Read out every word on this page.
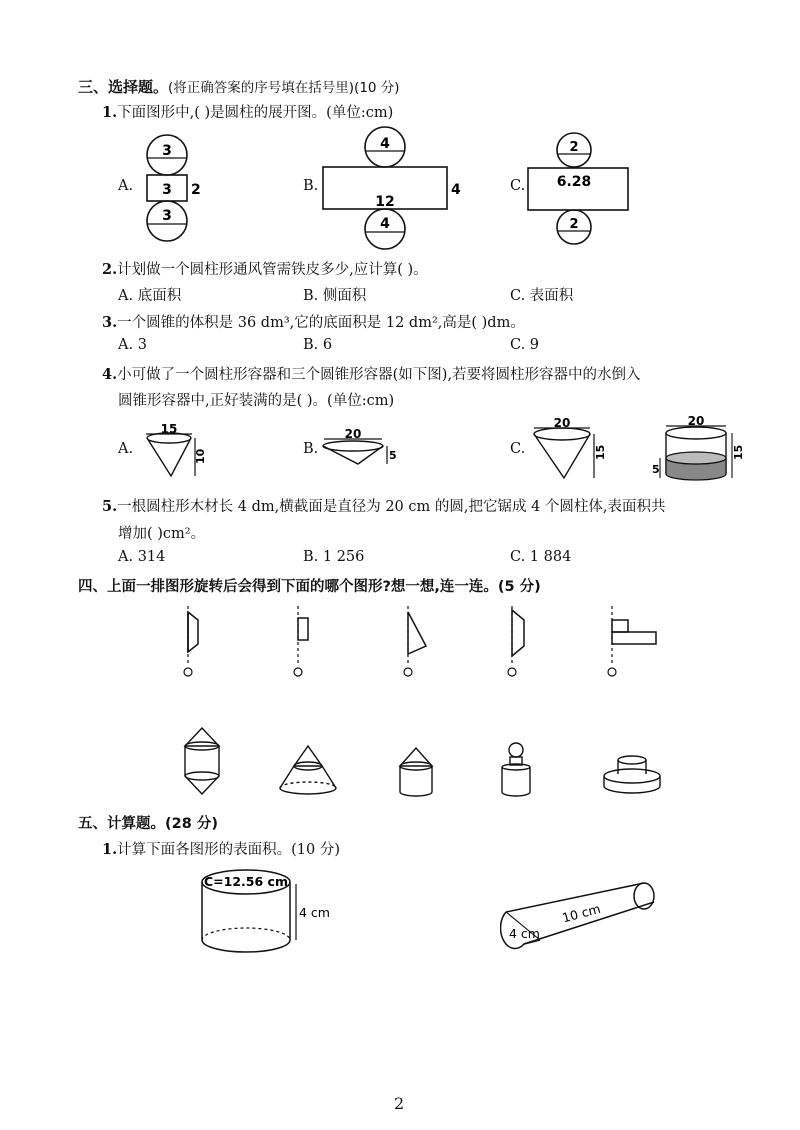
三、选择题。(将正确答案的序号填在括号里)(10 分)
1.下面图形中,( )是圆柱的展开图。(单位:cm)
A.
3
3 2
3
B.
4
12
4
4
C.
2
6.28
2
2.计划做一个圆柱形通风管需铁皮多少,应计算( )。
A. 底面积	B. 侧面积	C. 表面积
3.一个圆锥的体积是 36 dm³,它的底面积是 12 dm²,高是( )dm。
A. 3	B. 6	C. 9
4.小可做了一个圆柱形容器和三个圆锥形容器(如下图),若要将圆柱形容器中的水倒入
圆锥形容器中,正好装满的是( )。(单位:cm)
A.
15
10	B.
20
5	C.
20
15
20
5
15
5.一根圆柱形木材长 4 dm,横截面是直径为 20 cm 的圆,把它锯成 4 个圆柱体,表面积共
增加( )cm²。
A. 314	B. 1 256	C. 1 884
四、上面一排图形旋转后会得到下面的哪个图形?想一想,连一连。(5 分)
五、计算题。(28 分)
1.计算下面各图形的表面积。(10 分)
C=12.56 cm
4 cm	10 cm
4 cm
2
